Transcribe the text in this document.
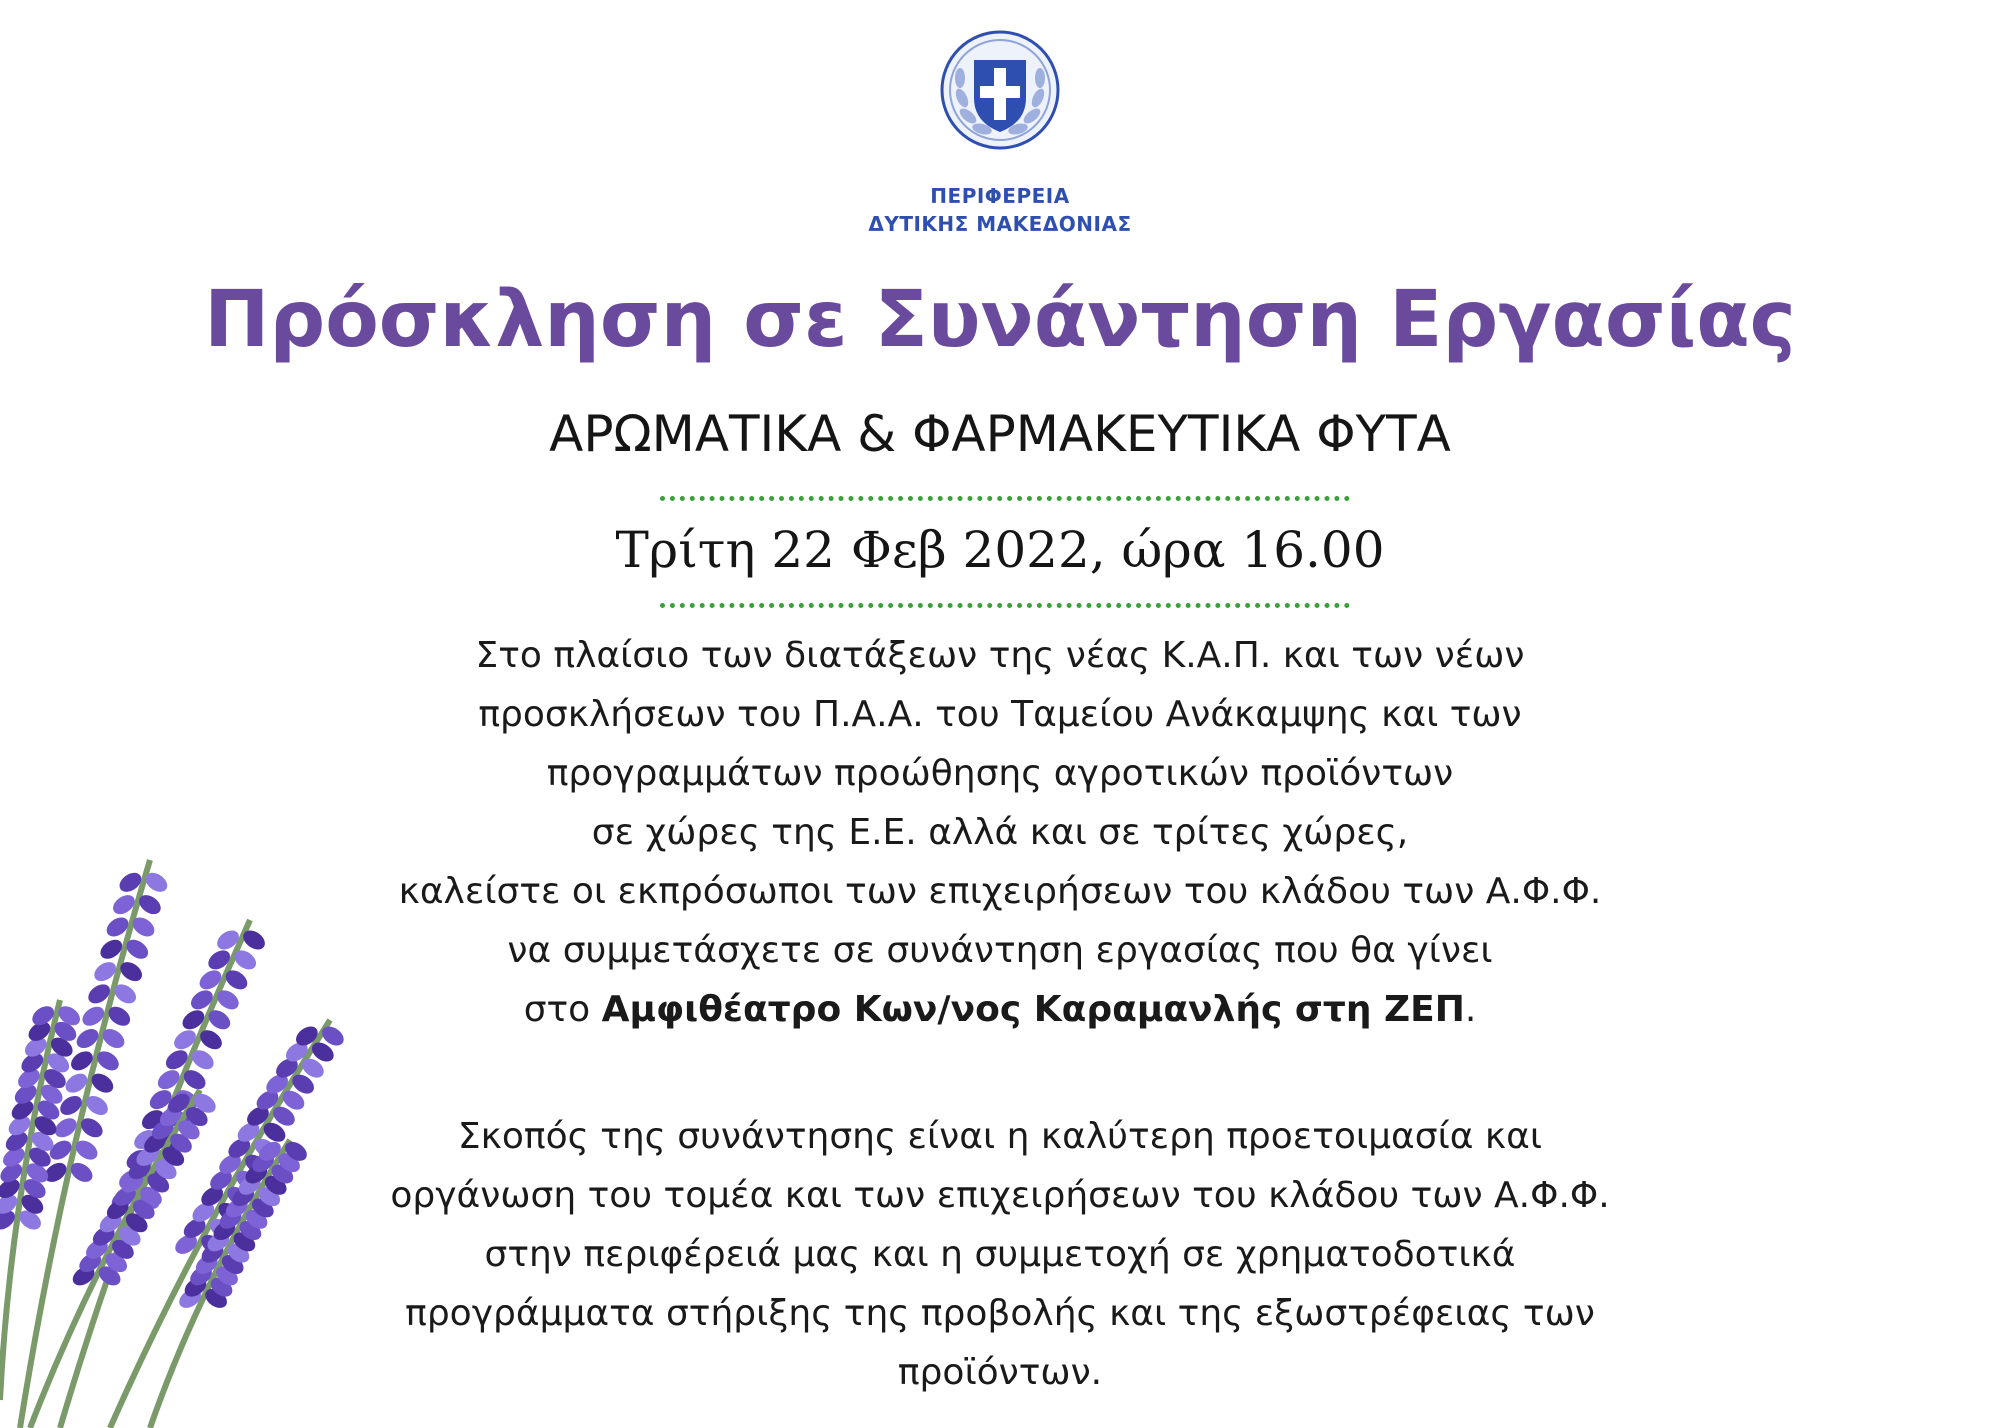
ΠΕΡΙΦΕΡΕΙΑ
ΔΥΤΙΚΗΣ ΜΑΚΕΔΟΝΙΑΣ
Πρόσκληση σε Συνάντηση Εργασίας
ΑΡΩΜΑΤΙΚΑ & ΦΑΡΜΑΚΕΥΤΙΚΑ ΦΥΤΑ
Τρίτη 22 Φεβ 2022, ώρα 16.00
Στο πλαίσιο των διατάξεων της νέας Κ.Α.Π. και των νέων
προσκλήσεων του Π.Α.Α. του Ταμείου Ανάκαμψης και των
προγραμμάτων προώθησης αγροτικών προϊόντων
σε χώρες της Ε.Ε. αλλά και σε τρίτες χώρες,
καλείστε οι εκπρόσωποι των επιχειρήσεων του κλάδου των Α.Φ.Φ.
να συμμετάσχετε σε συνάντηση εργασίας που θα γίνει
στο Αμφιθέατρο Κων/νος Καραμανλής στη ΖΕΠ.
Σκοπός της συνάντησης είναι η καλύτερη προετοιμασία και
οργάνωση του τομέα και των επιχειρήσεων του κλάδου των Α.Φ.Φ.
στην περιφέρειά μας και η συμμετοχή σε χρηματοδοτικά
προγράμματα στήριξης της προβολής και της εξωστρέφειας των
προϊόντων.
